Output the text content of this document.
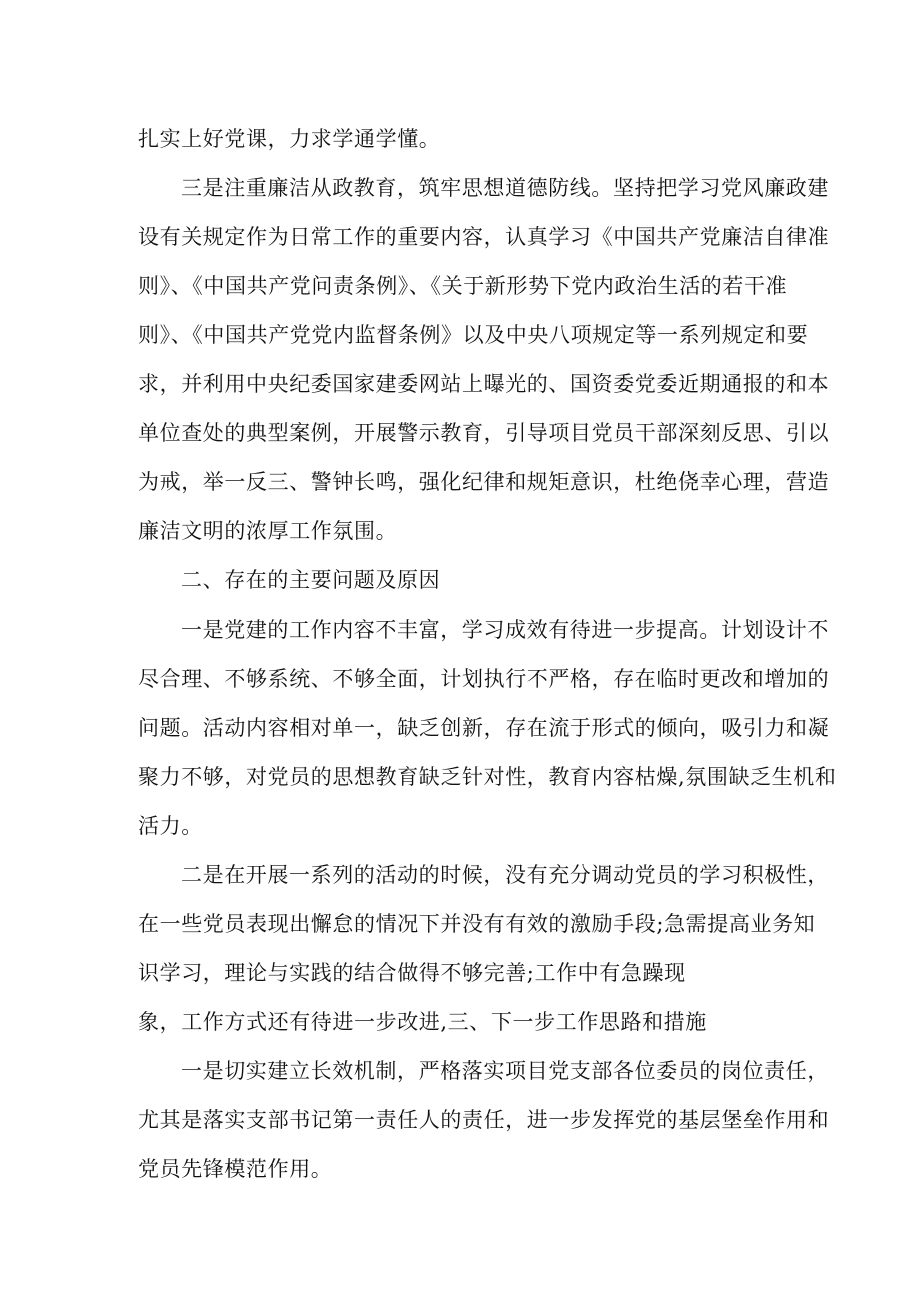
扎实上好党课，力求学通学懂。
三是注重廉洁从政教育，筑牢思想道德防线。坚持把学习党风廉政建
设有关规定作为日常工作的重要内容，认真学习《中国共产党廉洁自律准
则》、《中国共产党问责条例》、《关于新形势下党内政治生活的若干准
则》、《中国共产党党内监督条例》以及中央八项规定等一系列规定和要
求，并利用中央纪委国家建委网站上曝光的、国资委党委近期通报的和本
单位查处的典型案例，开展警示教育，引导项目党员干部深刻反思、引以
为戒，举一反三、警钟长鸣，强化纪律和规矩意识，杜绝侥幸心理，营造
廉洁文明的浓厚工作氛围。
二、存在的主要问题及原因
一是党建的工作内容不丰富，学习成效有待进一步提高。计划设计不
尽合理、不够系统、不够全面，计划执行不严格，存在临时更改和增加的
问题。活动内容相对单一，缺乏创新，存在流于形式的倾向，吸引力和凝
聚力不够，对党员的思想教育缺乏针对性，教育内容枯燥,氛围缺乏生机和
活力。
二是在开展一系列的活动的时候，没有充分调动党员的学习积极性，
在一些党员表现出懈怠的情况下并没有有效的激励手段;急需提高业务知
识学习，理论与实践的结合做得不够完善;工作中有急躁现
象，工作方式还有待进一步改进,三、下一步工作思路和措施
一是切实建立长效机制，严格落实项目党支部各位委员的岗位责任，
尤其是落实支部书记第一责任人的责任，进一步发挥党的基层堡垒作用和
党员先锋模范作用。
